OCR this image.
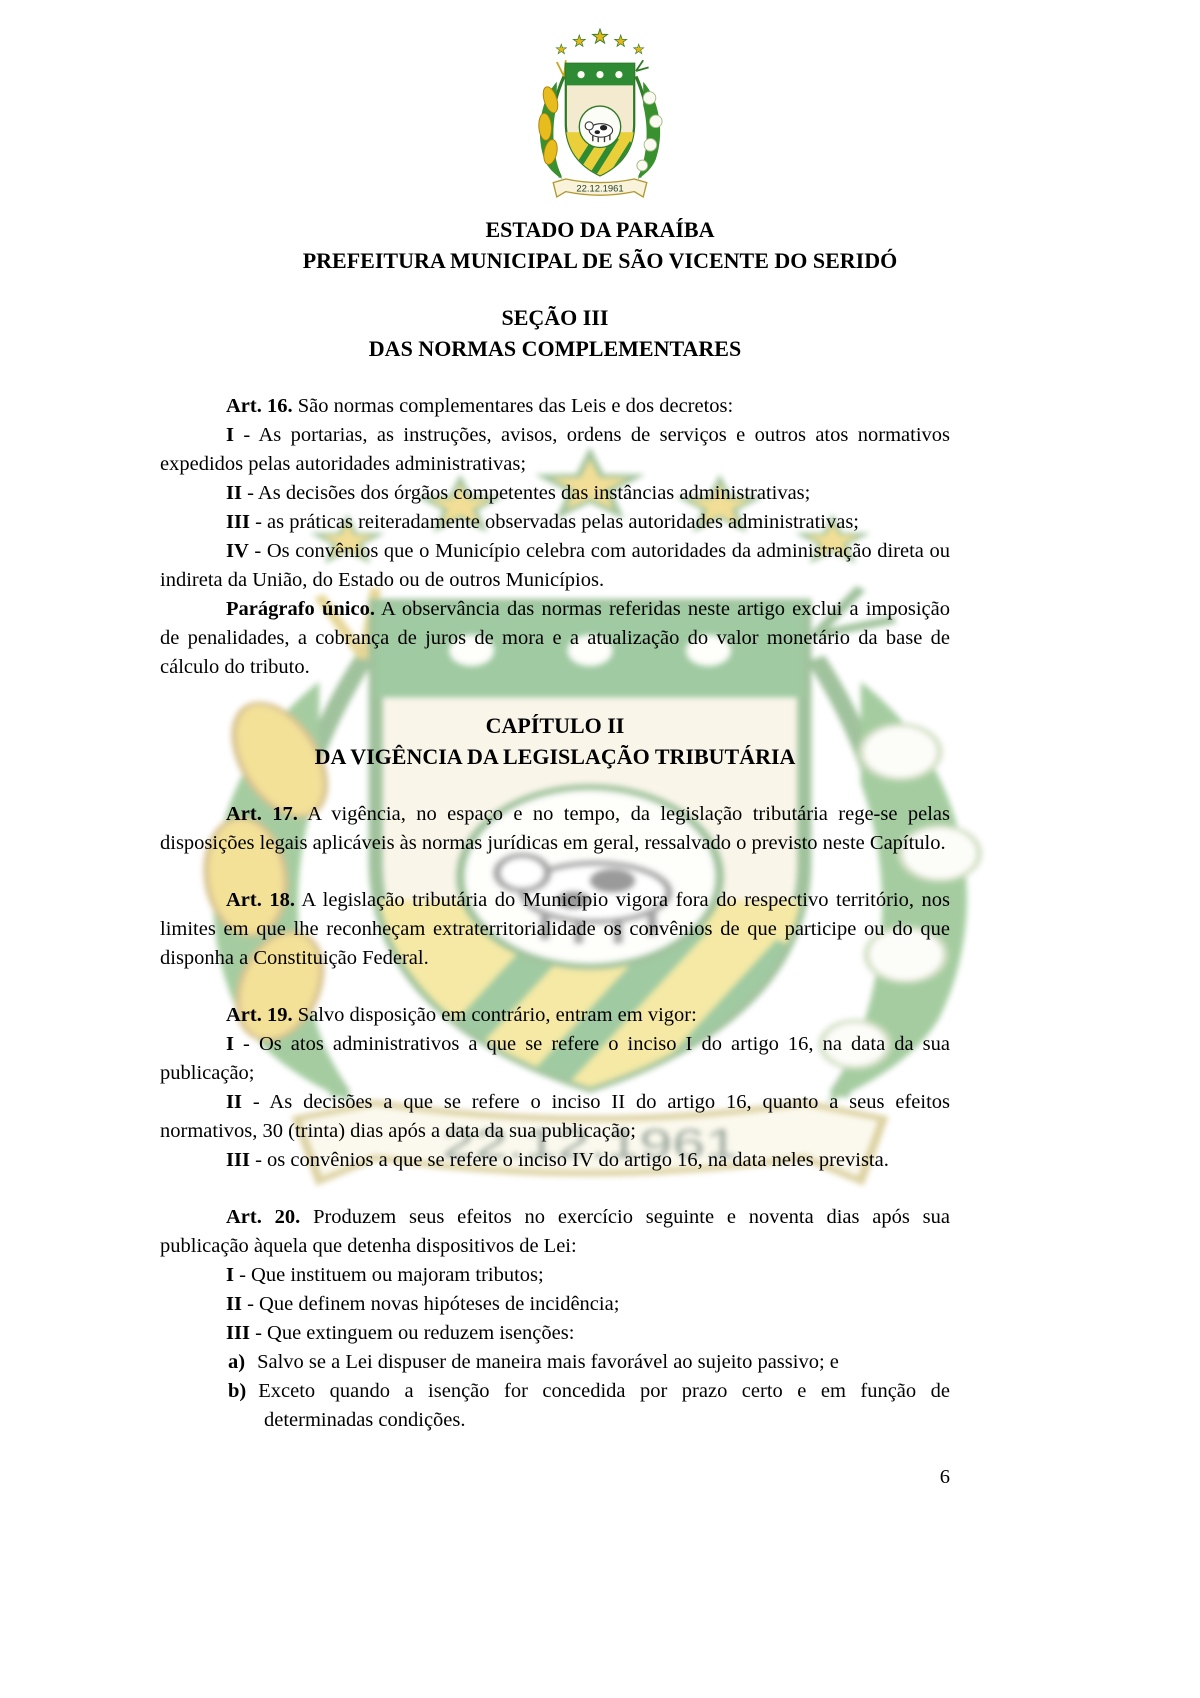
ESTADO DA PARAÍBA
PREFEITURA MUNICIPAL DE SÃO VICENTE DO SERIDÓ

SEÇÃO III

DAS NORMAS COMPLEMENTARES

Art. 16. São normas complementares das Leis e dos decretos:

I - As portarias, as instruções, avisos, ordens de serviços e outros atos normativos expedidos pelas autoridades administrativas;

II - As decisões dos órgãos competentes das instâncias administrativas;

III - as práticas reiteradamente observadas pelas autoridades administrativas;

IV - Os convênios que o Município celebra com autoridades da administração direta ou indireta da União, do Estado ou de outros Municípios.

Parágrafo único. A observância das normas referidas neste artigo exclui a imposição de penalidades, a cobrança de juros de mora e a atualização do valor monetário da base de cálculo do tributo.

CAPÍTULO II

DA VIGÊNCIA DA LEGISLAÇÃO TRIBUTÁRIA

Art. 17. A vigência, no espaço e no tempo, da legislação tributária rege-se pelas disposições legais aplicáveis às normas jurídicas em geral, ressalvado o previsto neste Capítulo.

Art. 18. A legislação tributária do Município vigora fora do respectivo território, nos limites em que lhe reconheçam extraterritorialidade os convênios de que participe ou do que disponha a Constituição Federal.

Art. 19. Salvo disposição em contrário, entram em vigor:

I - Os atos administrativos a que se refere o inciso I do artigo 16, na data da sua publicação;

II - As decisões a que se refere o inciso II do artigo 16, quanto a seus efeitos normativos, 30 (trinta) dias após a data da sua publicação;

III - os convênios a que se refere o inciso IV do artigo 16, na data neles prevista.

Art. 20. Produzem seus efeitos no exercício seguinte e noventa dias após sua publicação àquela que detenha dispositivos de Lei:

I - Que instituem ou majoram tributos;

II - Que definem novas hipóteses de incidência;

III - Que extinguem ou reduzem isenções:

a) Salvo se a Lei dispuser de maneira mais favorável ao sujeito passivo; e

b) Exceto quando a isenção for concedida por prazo certo e em função de determinadas condições.

6
